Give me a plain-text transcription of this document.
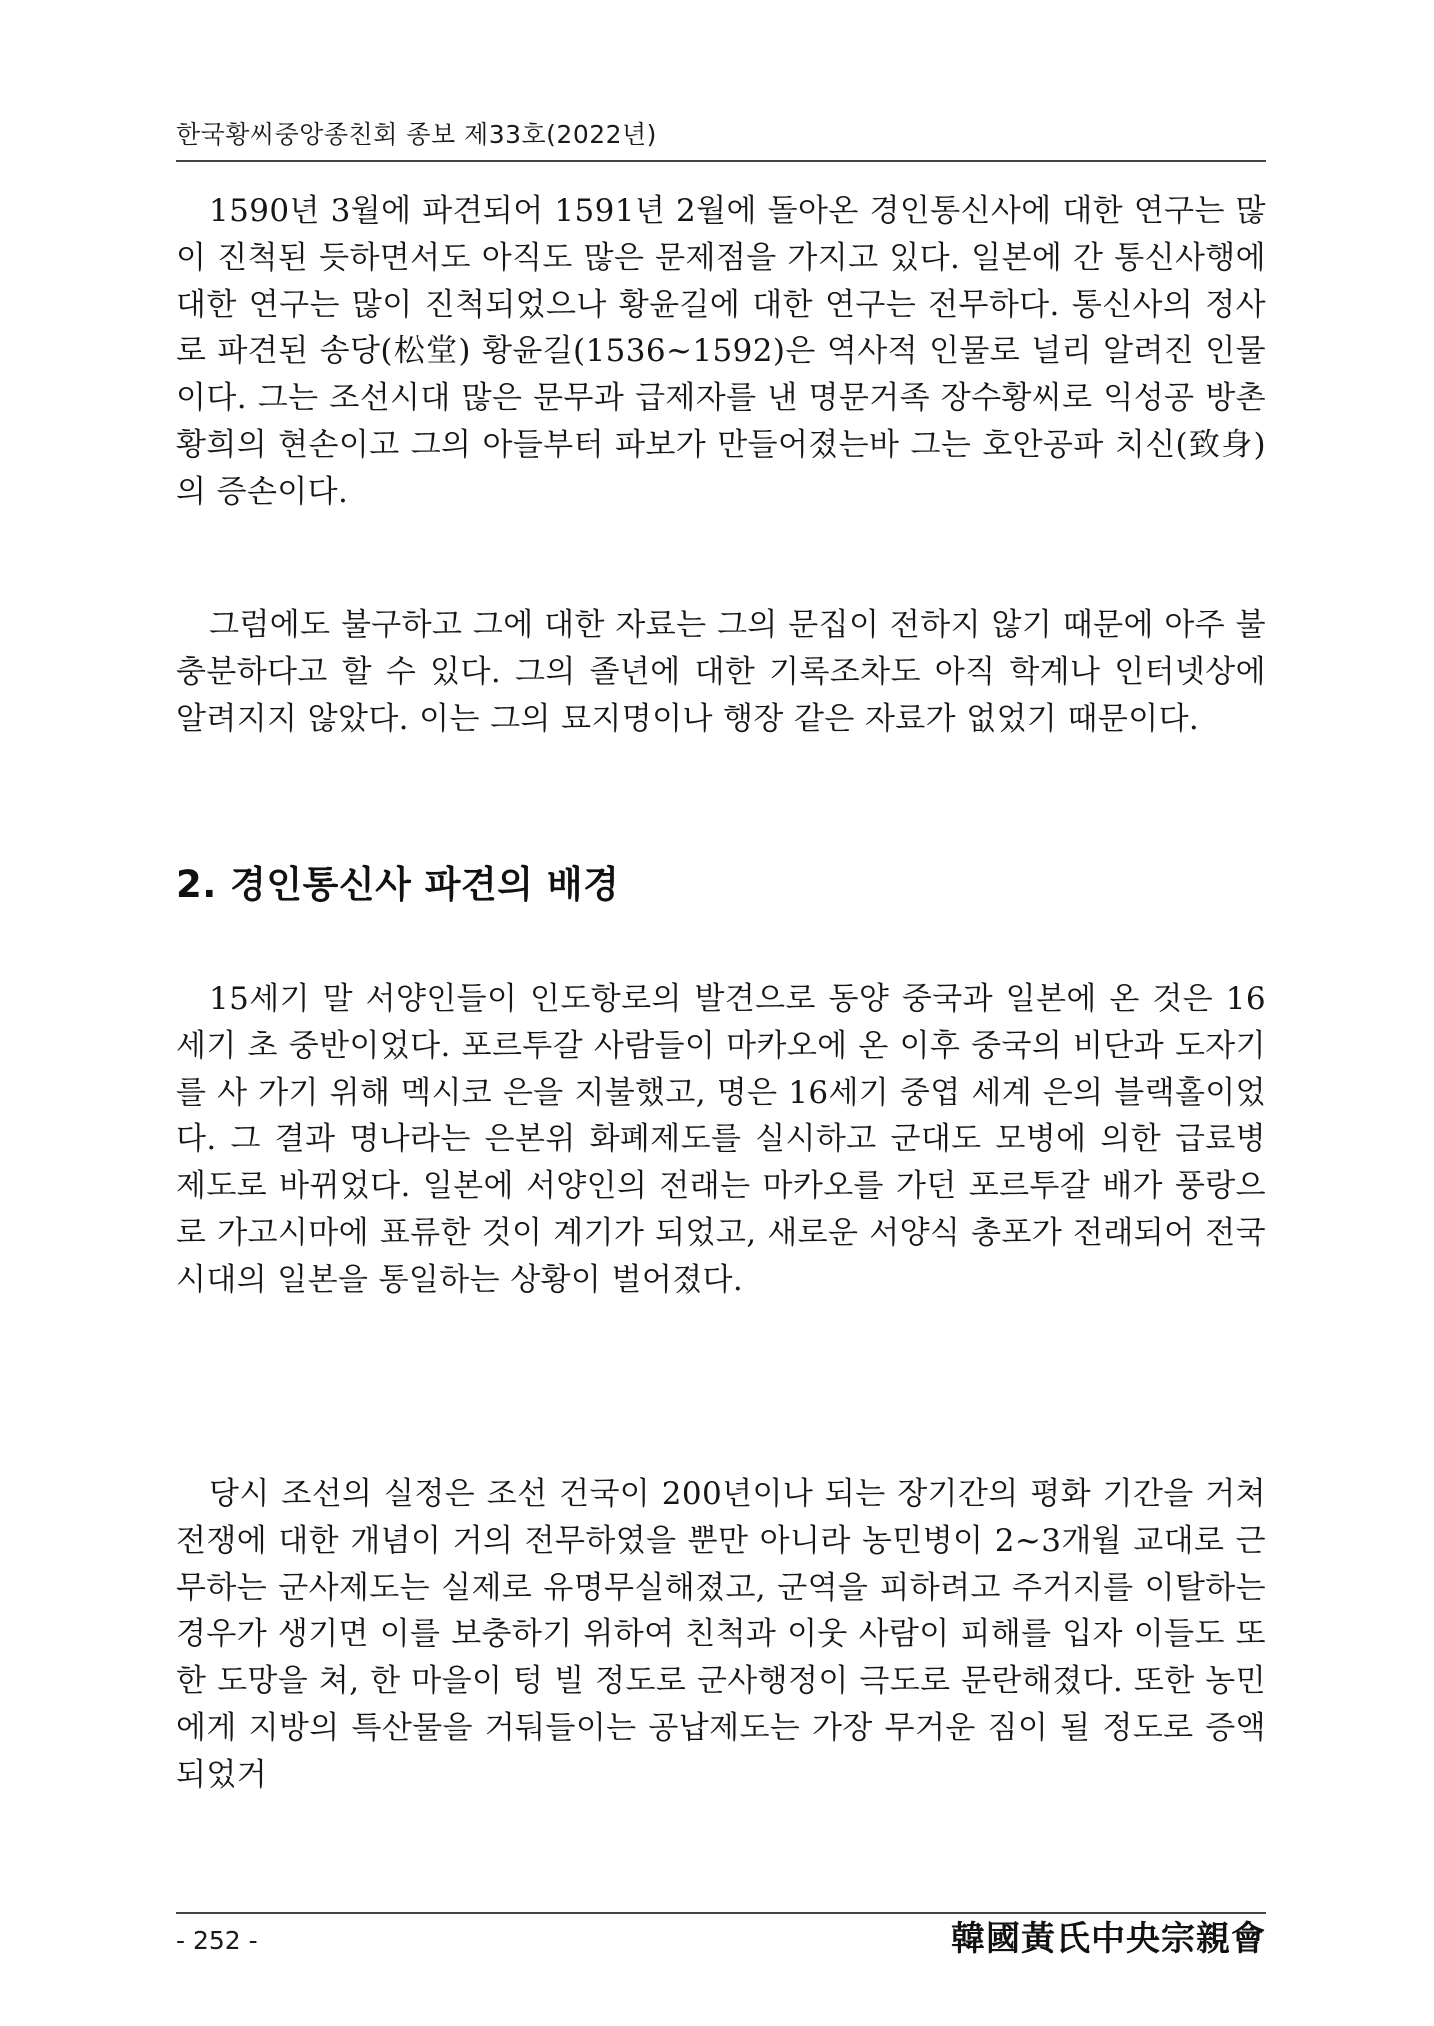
한국황씨중앙종친회 종보 제33호(2022년)

1590년 3월에 파견되어 1591년 2월에 돌아온 경인통신사에 대한 연구는 많이 진척된 듯하면서도 아직도 많은 문제점을 가지고 있다. 일본에 간 통신사행에 대한 연구는 많이 진척되었으나 황윤길에 대한 연구는 전무하다. 통신사의 정사로 파견된 송당(松堂) 황윤길(1536~1592)은 역사적 인물로 널리 알려진 인물이다. 그는 조선시대 많은 문무과 급제자를 낸 명문거족 장수황씨로 익성공 방촌 황희의 현손이고 그의 아들부터 파보가 만들어졌는바 그는 호안공파 치신(致身)의 증손이다.

그럼에도 불구하고 그에 대한 자료는 그의 문집이 전하지 않기 때문에 아주 불충분하다고 할 수 있다. 그의 졸년에 대한 기록조차도 아직 학계나 인터넷상에 알려지지 않았다. 이는 그의 묘지명이나 행장 같은 자료가 없었기 때문이다.

2. 경인통신사 파견의 배경

15세기 말 서양인들이 인도항로의 발견으로 동양 중국과 일본에 온 것은 16세기 초 중반이었다. 포르투갈 사람들이 마카오에 온 이후 중국의 비단과 도자기를 사 가기 위해 멕시코 은을 지불했고, 명은 16세기 중엽 세계 은의 블랙홀이었다. 그 결과 명나라는 은본위 화폐제도를 실시하고 군대도 모병에 의한 급료병 제도로 바뀌었다. 일본에 서양인의 전래는 마카오를 가던 포르투갈 배가 풍랑으로 가고시마에 표류한 것이 계기가 되었고, 새로운 서양식 총포가 전래되어 전국시대의 일본을 통일하는 상황이 벌어졌다.

당시 조선의 실정은 조선 건국이 200년이나 되는 장기간의 평화 기간을 거쳐 전쟁에 대한 개념이 거의 전무하였을 뿐만 아니라 농민병이 2~3개월 교대로 근무하는 군사제도는 실제로 유명무실해졌고, 군역을 피하려고 주거지를 이탈하는 경우가 생기면 이를 보충하기 위하여 친척과 이웃 사람이 피해를 입자 이들도 또한 도망을 쳐, 한 마을이 텅 빌 정도로 군사행정이 극도로 문란해졌다. 또한 농민에게 지방의 특산물을 거둬들이는 공납제도는 가장 무거운 짐이 될 정도로 증액되었거

- 252 -	韓國黃氏中央宗親會
